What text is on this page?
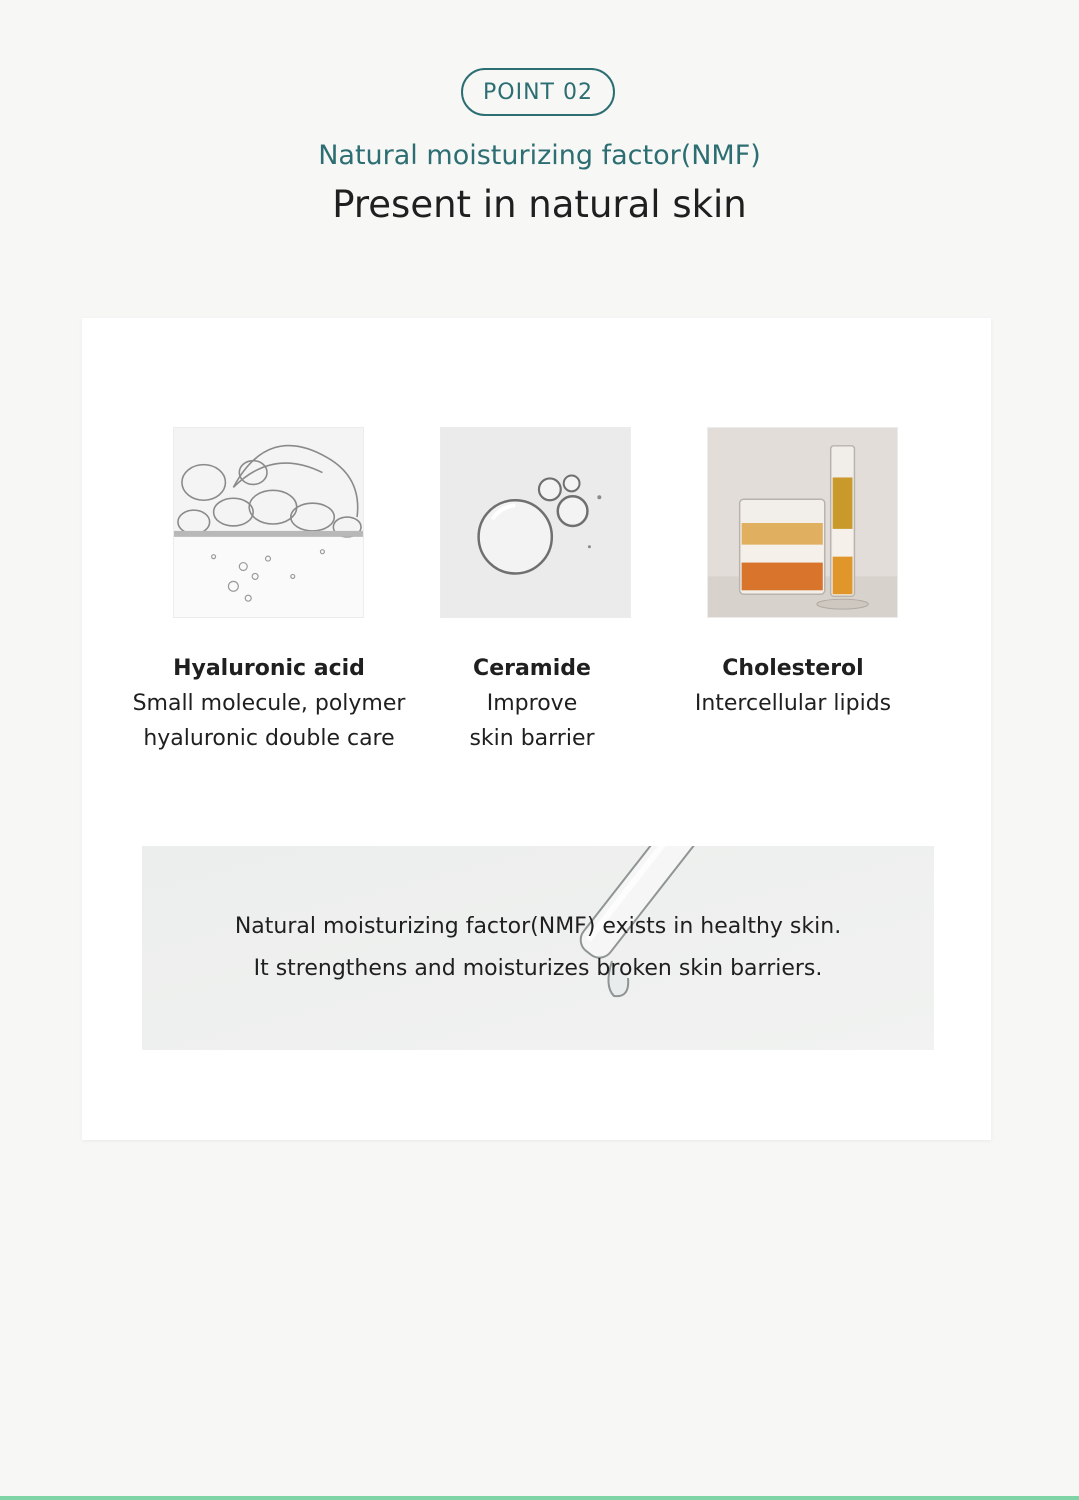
POINT 02
Natural moisturizing factor(NMF)
Present in natural skin
Hyaluronic acid
Small molecule, polymer
hyaluronic double care
Ceramide
Improve
skin barrier
Cholesterol
Intercellular lipids
Natural moisturizing factor(NMF) exists in healthy skin.
It strengthens and moisturizes broken skin barriers.
